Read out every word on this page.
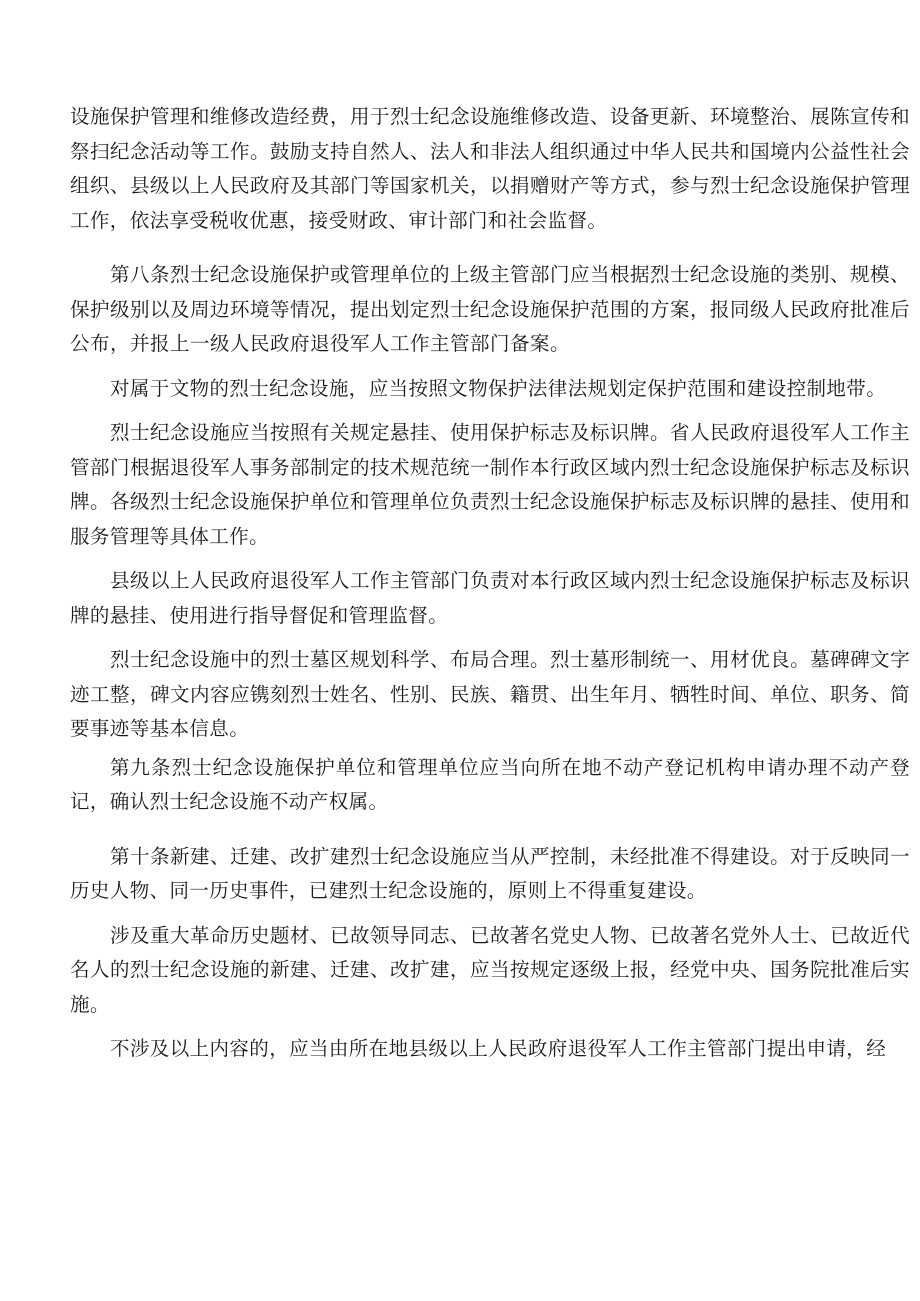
设施保护管理和维修改造经费，用于烈士纪念设施维修改造、设备更新、环境整治、展陈宣传和祭扫纪念活动等工作。鼓励支持自然人、法人和非法人组织通过中华人民共和国境内公益性社会组织、县级以上人民政府及其部门等国家机关，以捐赠财产等方式，参与烈士纪念设施保护管理工作，依法享受税收优惠，接受财政、审计部门和社会监督。

第八条烈士纪念设施保护或管理单位的上级主管部门应当根据烈士纪念设施的类别、规模、保护级别以及周边环境等情况，提出划定烈士纪念设施保护范围的方案，报同级人民政府批准后公布，并报上一级人民政府退役军人工作主管部门备案。

对属于文物的烈士纪念设施，应当按照文物保护法律法规划定保护范围和建设控制地带。

烈士纪念设施应当按照有关规定悬挂、使用保护标志及标识牌。省人民政府退役军人工作主管部门根据退役军人事务部制定的技术规范统一制作本行政区域内烈士纪念设施保护标志及标识牌。各级烈士纪念设施保护单位和管理单位负责烈士纪念设施保护标志及标识牌的悬挂、使用和服务管理等具体工作。

县级以上人民政府退役军人工作主管部门负责对本行政区域内烈士纪念设施保护标志及标识牌的悬挂、使用进行指导督促和管理监督。

烈士纪念设施中的烈士墓区规划科学、布局合理。烈士墓形制统一、用材优良。墓碑碑文字迹工整，碑文内容应镌刻烈士姓名、性别、民族、籍贯、出生年月、牺牲时间、单位、职务、简要事迹等基本信息。

第九条烈士纪念设施保护单位和管理单位应当向所在地不动产登记机构申请办理不动产登记，确认烈士纪念设施不动产权属。

第十条新建、迁建、改扩建烈士纪念设施应当从严控制，未经批准不得建设。对于反映同一历史人物、同一历史事件，已建烈士纪念设施的，原则上不得重复建设。

涉及重大革命历史题材、已故领导同志、已故著名党史人物、已故著名党外人士、已故近代名人的烈士纪念设施的新建、迁建、改扩建，应当按规定逐级上报，经党中央、国务院批准后实施。

不涉及以上内容的，应当由所在地县级以上人民政府退役军人工作主管部门提出申请，经
